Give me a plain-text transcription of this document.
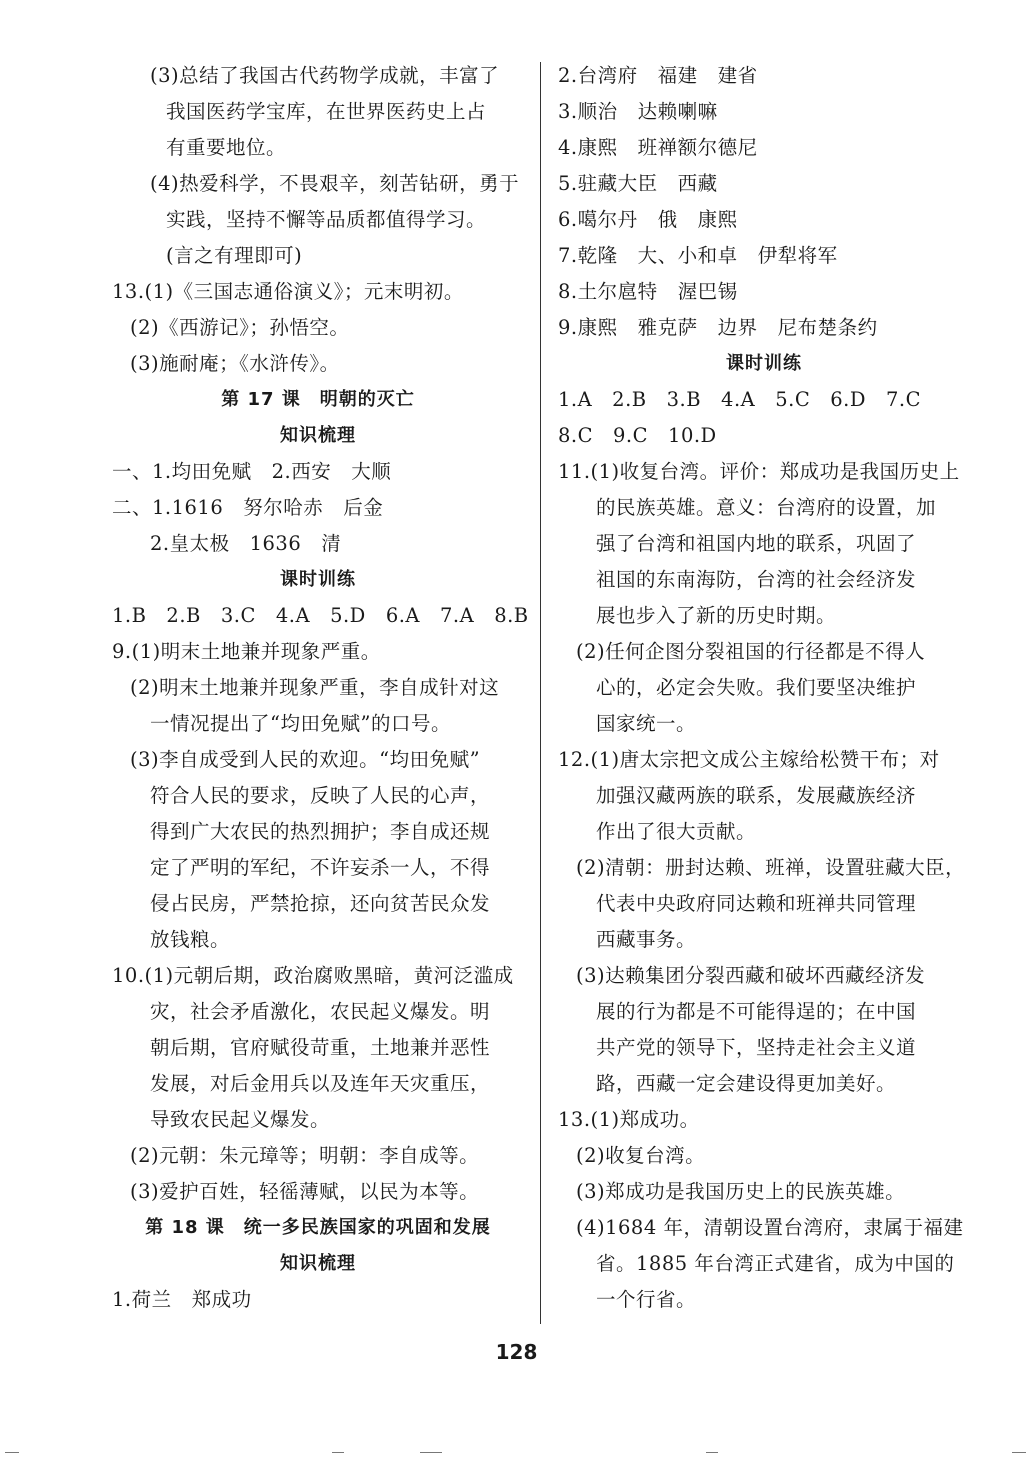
(3)总结了我国古代药物学成就，丰富了
我国医药学宝库，在世界医药史上占
有重要地位。
(4)热爱科学，不畏艰辛，刻苦钻研，勇于
实践，坚持不懈等品质都值得学习。
(言之有理即可)
13.(1)《三国志通俗演义》；元末明初。
(2)《西游记》；孙悟空。
(3)施耐庵；《水浒传》。
第 17 课　明朝的灭亡
知识梳理
一、1.均田免赋　2.西安　大顺
二、1.1616　努尔哈赤　后金
2.皇太极　1636　清
课时训练
1.B　2.B　3.C　4.A　5.D　6.A　7.A　8.B
9.(1)明末土地兼并现象严重。
(2)明末土地兼并现象严重，李自成针对这
一情况提出了“均田免赋”的口号。
(3)李自成受到人民的欢迎。“均田免赋”
符合人民的要求，反映了人民的心声，
得到广大农民的热烈拥护；李自成还规
定了严明的军纪，不许妄杀一人，不得
侵占民房，严禁抢掠，还向贫苦民众发
放钱粮。
10.(1)元朝后期，政治腐败黑暗，黄河泛滥成
灾，社会矛盾激化，农民起义爆发。明
朝后期，官府赋役苛重，土地兼并恶性
发展，对后金用兵以及连年天灾重压，
导致农民起义爆发。
(2)元朝：朱元璋等；明朝：李自成等。
(3)爱护百姓，轻徭薄赋，以民为本等。
第 18 课　统一多民族国家的巩固和发展
知识梳理
1.荷兰　郑成功
2.台湾府　福建　建省
3.顺治　达赖喇嘛
4.康熙　班禅额尔德尼
5.驻藏大臣　西藏
6.噶尔丹　俄　康熙
7.乾隆　大、小和卓　伊犁将军
8.土尔扈特　渥巴锡
9.康熙　雅克萨　边界　尼布楚条约
课时训练
1.A　2.B　3.B　4.A　5.C　6.D　7.C
8.C　9.C　10.D
11.(1)收复台湾。评价：郑成功是我国历史上
的民族英雄。意义：台湾府的设置，加
强了台湾和祖国内地的联系，巩固了
祖国的东南海防，台湾的社会经济发
展也步入了新的历史时期。
(2)任何企图分裂祖国的行径都是不得人
心的，必定会失败。我们要坚决维护
国家统一。
12.(1)唐太宗把文成公主嫁给松赞干布；对
加强汉藏两族的联系，发展藏族经济
作出了很大贡献。
(2)清朝：册封达赖、班禅，设置驻藏大臣，
代表中央政府同达赖和班禅共同管理
西藏事务。
(3)达赖集团分裂西藏和破坏西藏经济发
展的行为都是不可能得逞的；在中国
共产党的领导下，坚持走社会主义道
路，西藏一定会建设得更加美好。
13.(1)郑成功。
(2)收复台湾。
(3)郑成功是我国历史上的民族英雄。
(4)1684 年，清朝设置台湾府，隶属于福建
省。1885 年台湾正式建省，成为中国的
一个行省。
128
